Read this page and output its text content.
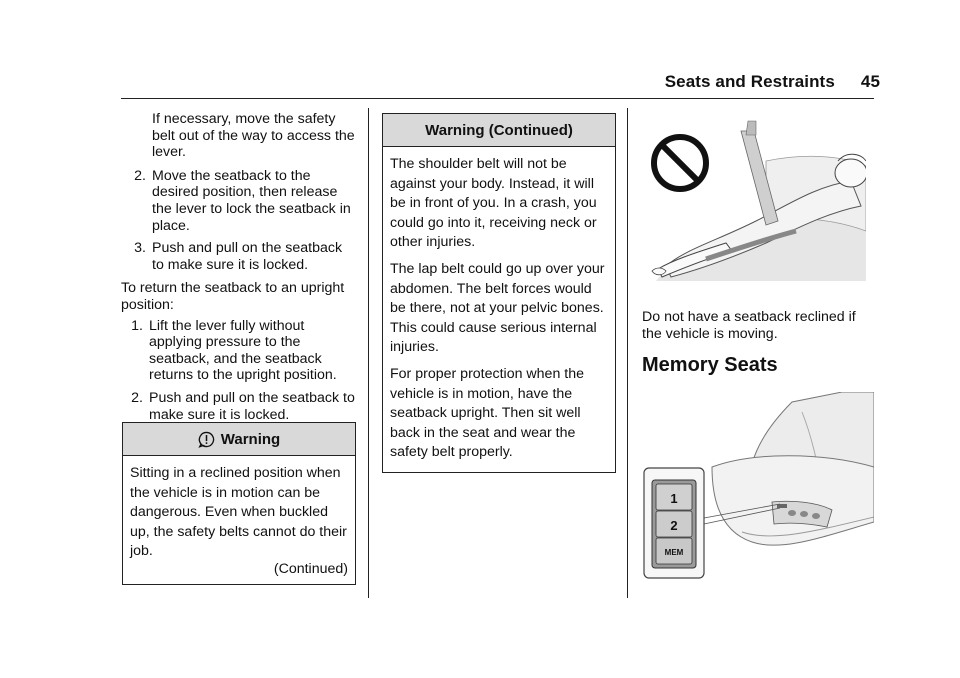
Seats and Restraints 45

If necessary, move the safety belt out of the way to access the lever.

2. Move the seatback to the desired position, then release the lever to lock the seatback in place.
3. Push and pull on the seatback to make sure it is locked.

To return the seatback to an upright position:

1. Lift the lever fully without applying pressure to the seatback, and the seatback returns to the upright position.
2. Push and pull on the seatback to make sure it is locked.
Warning

Sitting in a reclined position when the vehicle is in motion can be dangerous. Even when buckled up, the safety belts cannot do their job.

(Continued)
Warning (Continued)

The shoulder belt will not be against your body. Instead, it will be in front of you. In a crash, you could go into it, receiving neck or other injuries.

The lap belt could go up over your abdomen. The belt forces would be there, not at your pelvic bones. This could cause serious internal injuries.

For proper protection when the vehicle is in motion, have the seatback upright. Then sit well back in the seat and wear the safety belt properly.

Do not have a seatback reclined if the vehicle is moving.
Memory Seats
1
2
MEM
